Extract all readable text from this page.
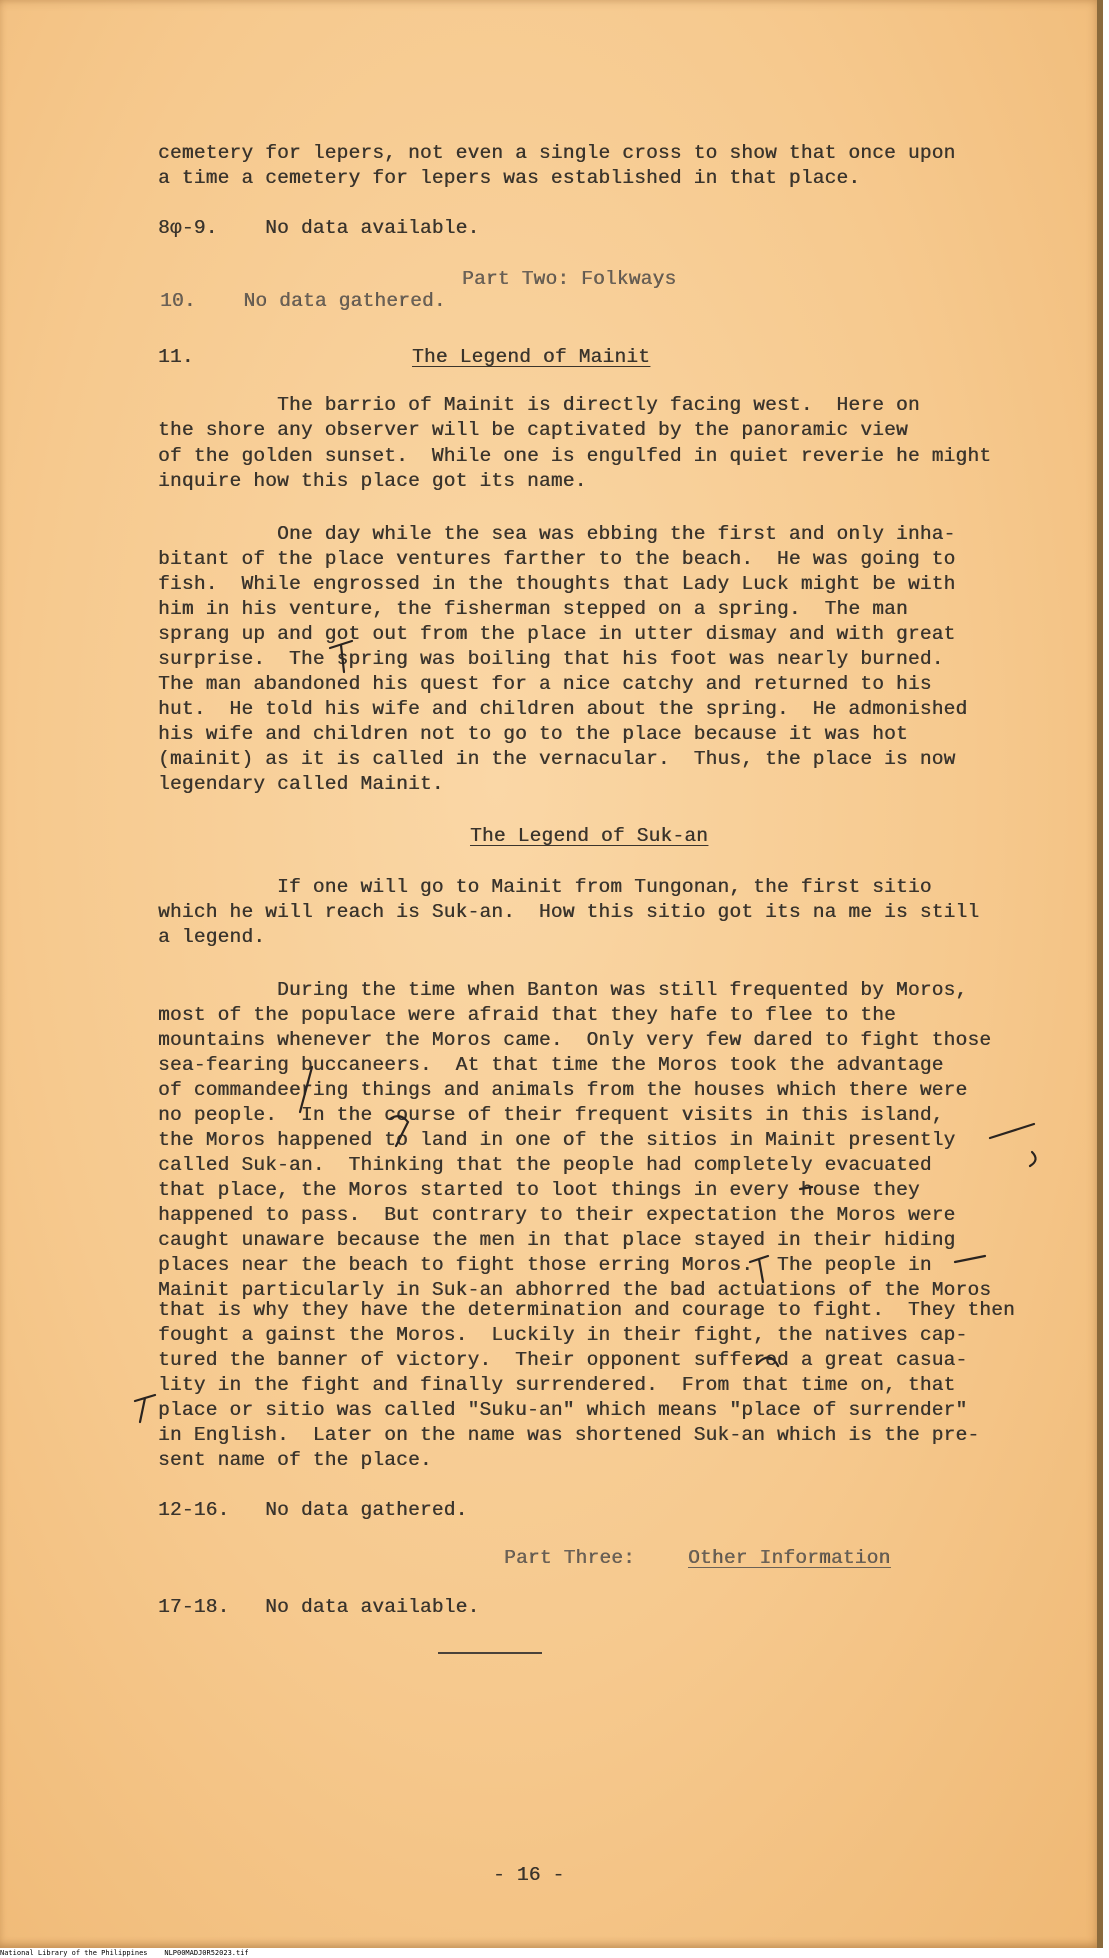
cemetery for lepers, not even a single cross to show that once upon
a time a cemetery for lepers was established in that place.
8φ-9.    No data available.
Part Two: Folkways
10.    No data gathered.
11.	The Legend of Mainit
The barrio of Mainit is directly facing west.  Here on
the shore any observer will be captivated by the panoramic view
of the golden sunset.  While one is engulfed in quiet reverie he might
inquire how this place got its name.
One day while the sea was ebbing the first and only inha-
bitant of the place ventures farther to the beach.  He was going to
fish.  While engrossed in the thoughts that Lady Luck might be with
him in his venture, the fisherman stepped on a spring.  The man
sprang up and got out from the place in utter dismay and with great
surprise.  The spring was boiling that his foot was nearly burned.
The man abandoned his quest for a nice catchy and returned to his
hut.  He told his wife and children about the spring.  He admonished
his wife and children not to go to the place because it was hot
(mainit) as it is called in the vernacular.  Thus, the place is now
legendary called Mainit.
The Legend of Suk-an
If one will go to Mainit from Tungonan, the first sitio
which he will reach is Suk-an.  How this sitio got its na me is still
a legend.
During the time when Banton was still frequented by Moros,
most of the populace were afraid that they hafe to flee to the
mountains whenever the Moros came.  Only very few dared to fight those
sea-fearing buccaneers.  At that time the Moros took the advantage
of commandeering things and animals from the houses which there were
no people.  In the course of their frequent visits in this island,
the Moros happened to land in one of the sitios in Mainit presently
called Suk-an.  Thinking that the people had completely evacuated
that place, the Moros started to loot things in every house they
happened to pass.  But contrary to their expectation the Moros were
caught unaware because the men in that place stayed in their hiding
places near the beach to fight those erring Moros.  The people in
Mainit particularly in Suk-an abhorred the bad actuations of the Moros
that is why they have the determination and courage to fight.  They then
fought a gainst the Moros.  Luckily in their fight, the natives cap-
tured the banner of victory.  Their opponent suffered a great casua-
lity in the fight and finally surrendered.  From that time on, that
place or sitio was called "Suku-an" which means "place of surrender"
in English.  Later on the name was shortened Suk-an which is the pre-
sent name of the place.
12-16.   No data gathered.
Part Three: Other Information
17-18.   No data available.
- 16 -
National Library of the Philippines    NLP00MADJ0R52023.tif
